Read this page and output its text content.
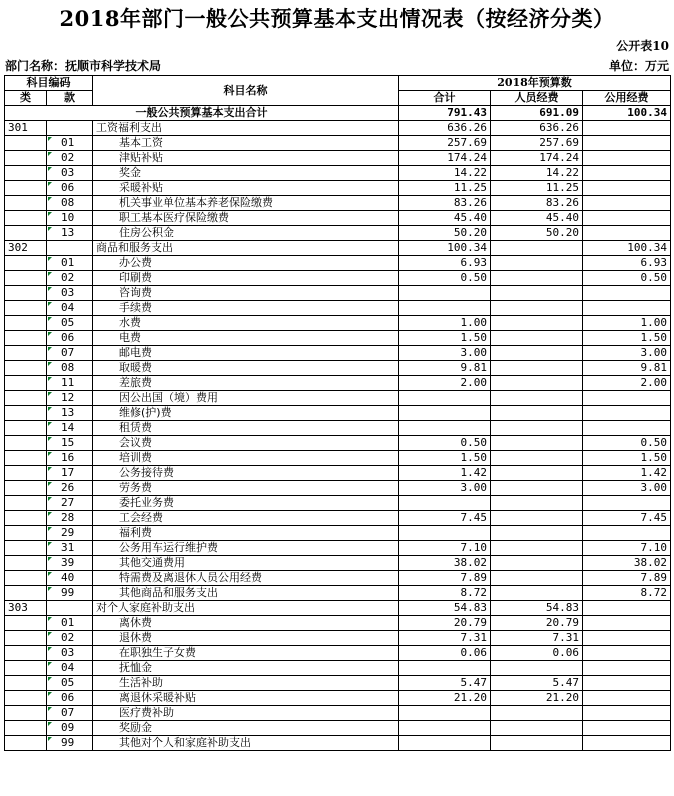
2018年部门一般公共预算基本支出情况表（按经济分类）
公开表10
部门名称：抚顺市科学技术局	单位：万元
科目编码		科目名称	2018年预算数		
类	款		合计	人员经费	公用经费

一般公共预算基本支出合计			791.43	691.09	100.34
301		工资福利支出	636.26	636.26	
	01	基本工资	257.69	257.69	
	02	津贴补贴	174.24	174.24	
	03	奖金	14.22	14.22	
	06	采暖补贴	11.25	11.25	
	08	机关事业单位基本养老保险缴费	83.26	83.26	
	10	职工基本医疗保险缴费	45.40	45.40	
	13	住房公积金	50.20	50.20	
302		商品和服务支出	100.34		100.34
	01	办公费	6.93		6.93
	02	印刷费	0.50		0.50
	03	咨询费			
	04	手续费			
	05	水费	1.00		1.00
	06	电费	1.50		1.50
	07	邮电费	3.00		3.00
	08	取暖费	9.81		9.81
	11	差旅费	2.00		2.00
	12	因公出国（境）费用			
	13	维修(护)费			
	14	租赁费			
	15	会议费	0.50		0.50
	16	培训费	1.50		1.50
	17	公务接待费	1.42		1.42
	26	劳务费	3.00		3.00
	27	委托业务费			
	28	工会经费	7.45		7.45
	29	福利费			
	31	公务用车运行维护费	7.10		7.10
	39	其他交通费用	38.02		38.02
	40	特需费及离退休人员公用经费	7.89		7.89
	99	其他商品和服务支出	8.72		8.72
303		对个人家庭补助支出	54.83	54.83	
	01	离休费	20.79	20.79	
	02	退休费	7.31	7.31	
	03	在职独生子女费	0.06	0.06	
	04	抚恤金			
	05	生活补助	5.47	5.47	
	06	离退休采暖补贴	21.20	21.20	
	07	医疗费补助			
	09	奖励金			
	99	其他对个人和家庭补助支出			
